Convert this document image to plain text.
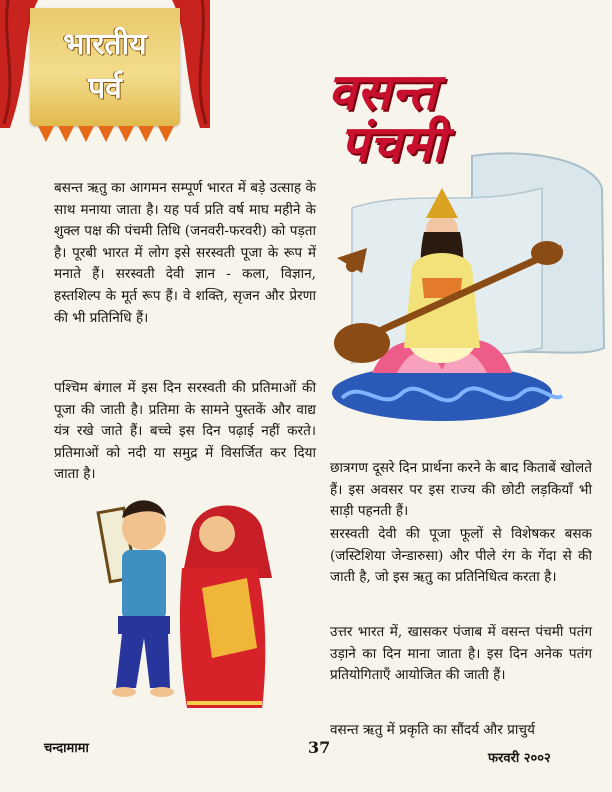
भारतीय
पर्व	वसन्त
पंचमी

बसन्त ऋतु का आगमन सम्पूर्ण भारत में बड़े उत्साह के साथ मनाया जाता है। यह पर्व प्रति वर्ष माघ महीने के शुक्ल पक्ष की पंचमी तिथि (जनवरी-फरवरी) को पड़ता है। पूरबी भारत में लोग इसे सरस्वती पूजा के रूप में मनाते हैं। सरस्वती देवी ज्ञान - कला, विज्ञान, हस्तशिल्प के मूर्त रूप हैं। वे शक्ति, सृजन और प्रेरणा की भी प्रतिनिधि हैं।

पश्चिम बंगाल में इस दिन सरस्वती की प्रतिमाओं की पूजा की जाती है। प्रतिमा के सामने पुस्तकें और वाद्य यंत्र रखे जाते हैं। बच्चे इस दिन पढ़ाई नहीं करते। प्रतिमाओं को नदी या समुद्र में विसर्जित कर दिया जाता है।	छात्रगण दूसरे दिन प्रार्थना करने के बाद किताबें खोलते हैं। इस अवसर पर इस राज्य की छोटी लड़कियाँ भी साड़ी पहनती हैं।

सरस्वती देवी की पूजा फूलों से विशेषकर बसक (जस्टिशिया जेन्डारुसा) और पीले रंग के गेंदा से की जाती है, जो इस ऋतु का प्रतिनिधित्व करता है।

उत्तर भारत में, खासकर पंजाब में वसन्त पंचमी पतंग उड़ाने का दिन माना जाता है। इस दिन अनेक पतंग प्रतियोगिताएँ आयोजित की जाती हैं।

वसन्त ऋतु में प्रकृति का सौंदर्य और प्राचुर्य

चन्दामामा	37
फरवरी २००२
